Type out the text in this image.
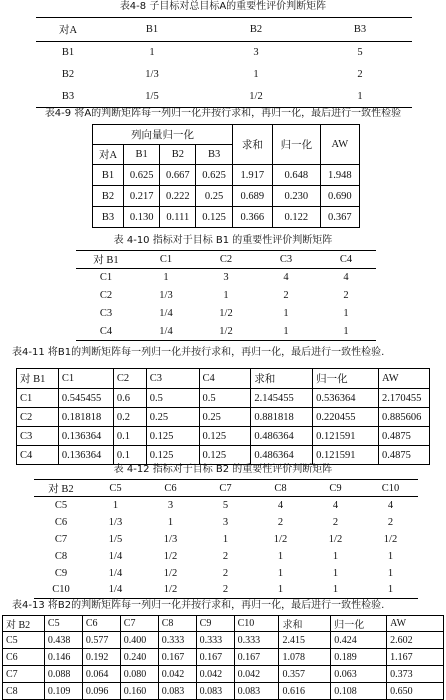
表4-8 子目标对总目标A的重要性评价判断矩阵
对A	B1	B2	B3
B1	1	3	5
B2	1/3	1	2
B3	1/5	1/2	1
表4-9 将A的判断矩阵每一列归一化并按行求和，再归一化，最后进行一致性检验
列向量归一化				求和	归一化	AW
对A	B1	B2	B3			
B1	0.625	0.667	0.625	1.917	0.648	1.948
B2	0.217	0.222	0.25	0.689	0.230	0.690
B3	0.130	0.111	0.125	0.366	0.122	0.367
表 4-10 指标对于目标 B1 的重要性评价判断矩阵
对 B1	C1	C2	C3	C4
C1	1	3	4	4
C2	1/3	1	2	2
C3	1/4	1/2	1	1
C4	1/4	1/2	1	1
表4-11 将B1的判断矩阵每一列归一化并按行求和，再归一化，最后进行一致性检验.
对 B1	C1	C2	C3	C4	求和	归一化	AW
C1	0.545455	0.6	0.5	0.5	2.145455	0.536364	2.170455
C2	0.181818	0.2	0.25	0.25	0.881818	0.220455	0.885606
C3	0.136364	0.1	0.125	0.125	0.486364	0.121591	0.4875
C4	0.136364	0.1	0.125	0.125	0.486364	0.121591	0.4875
表 4-12 指标对于目标 B2 的重要性评价判断矩阵
对 B2	C5	C6	C7	C8	C9	C10
C5	1	3	5	4	4	4
C6	1/3	1	3	2	2	2
C7	1/5	1/3	1	1/2	1/2	1/2
C8	1/4	1/2	2	1	1	1
C9	1/4	1/2	2	1	1	1
C10	1/4	1/2	2	1	1	1
表4-13 将B2的判断矩阵每一列归一化并按行求和，再归一化，最后进行一致性检验.
对 B2	C5	C6	C7	C8	C9	C10	求和	归一化	AW
C5	0.438	0.577	0.400	0.333	0.333	0.333	2.415	0.424	2.602
C6	0.146	0.192	0.240	0.167	0.167	0.167	1.078	0.189	1.167
C7	0.088	0.064	0.080	0.042	0.042	0.042	0.357	0.063	0.373
C8	0.109	0.096	0.160	0.083	0.083	0.083	0.616	0.108	0.650
